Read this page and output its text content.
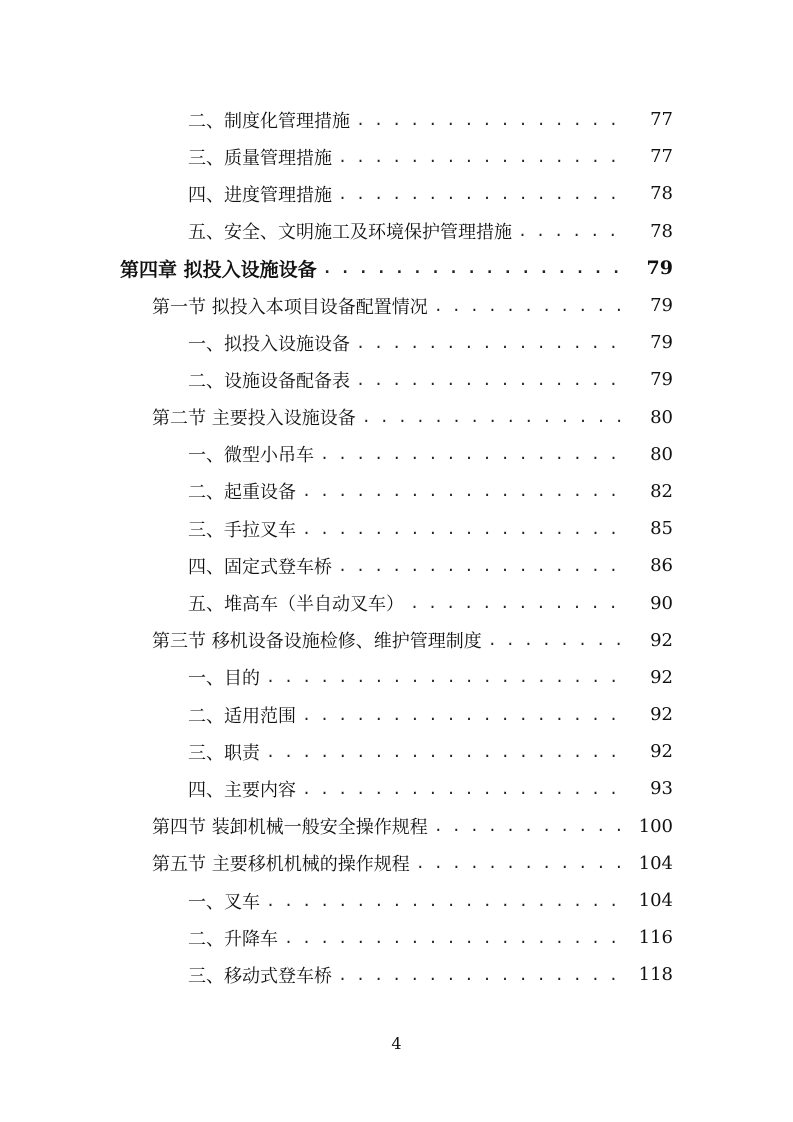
二、制度化管理措施 . . .	77
三、质量管理措施 . . .	77
四、进度管理措施 . . .	78
五、安全、文明施工及环境保护管理措施 . . .	78
第四章 拟投入设施设备 . . .	79
第一节 拟投入本项目设备配置情况 . . .	79
一、拟投入设施设备 . . .	79
二、设施设备配备表 . . .	79
第二节 主要投入设施设备 . . .	80
一、微型小吊车 . . .	80
二、起重设备 . . .	82
三、手拉叉车 . . .	85
四、固定式登车桥 . . .	86
五、堆高车（半自动叉车） . . .	90
第三节 移机设备设施检修、维护管理制度 . . .	92
一、目的 . . .	92
二、适用范围 . . .	92
三、职责 . . .	92
四、主要内容 . . .	93
第四节 装卸机械一般安全操作规程 . . .	100
第五节 主要移机机械的操作规程 . . .	104
一、叉车 . . .	104
二、升降车 . . .	116
三、移动式登车桥 . . .	118
4
